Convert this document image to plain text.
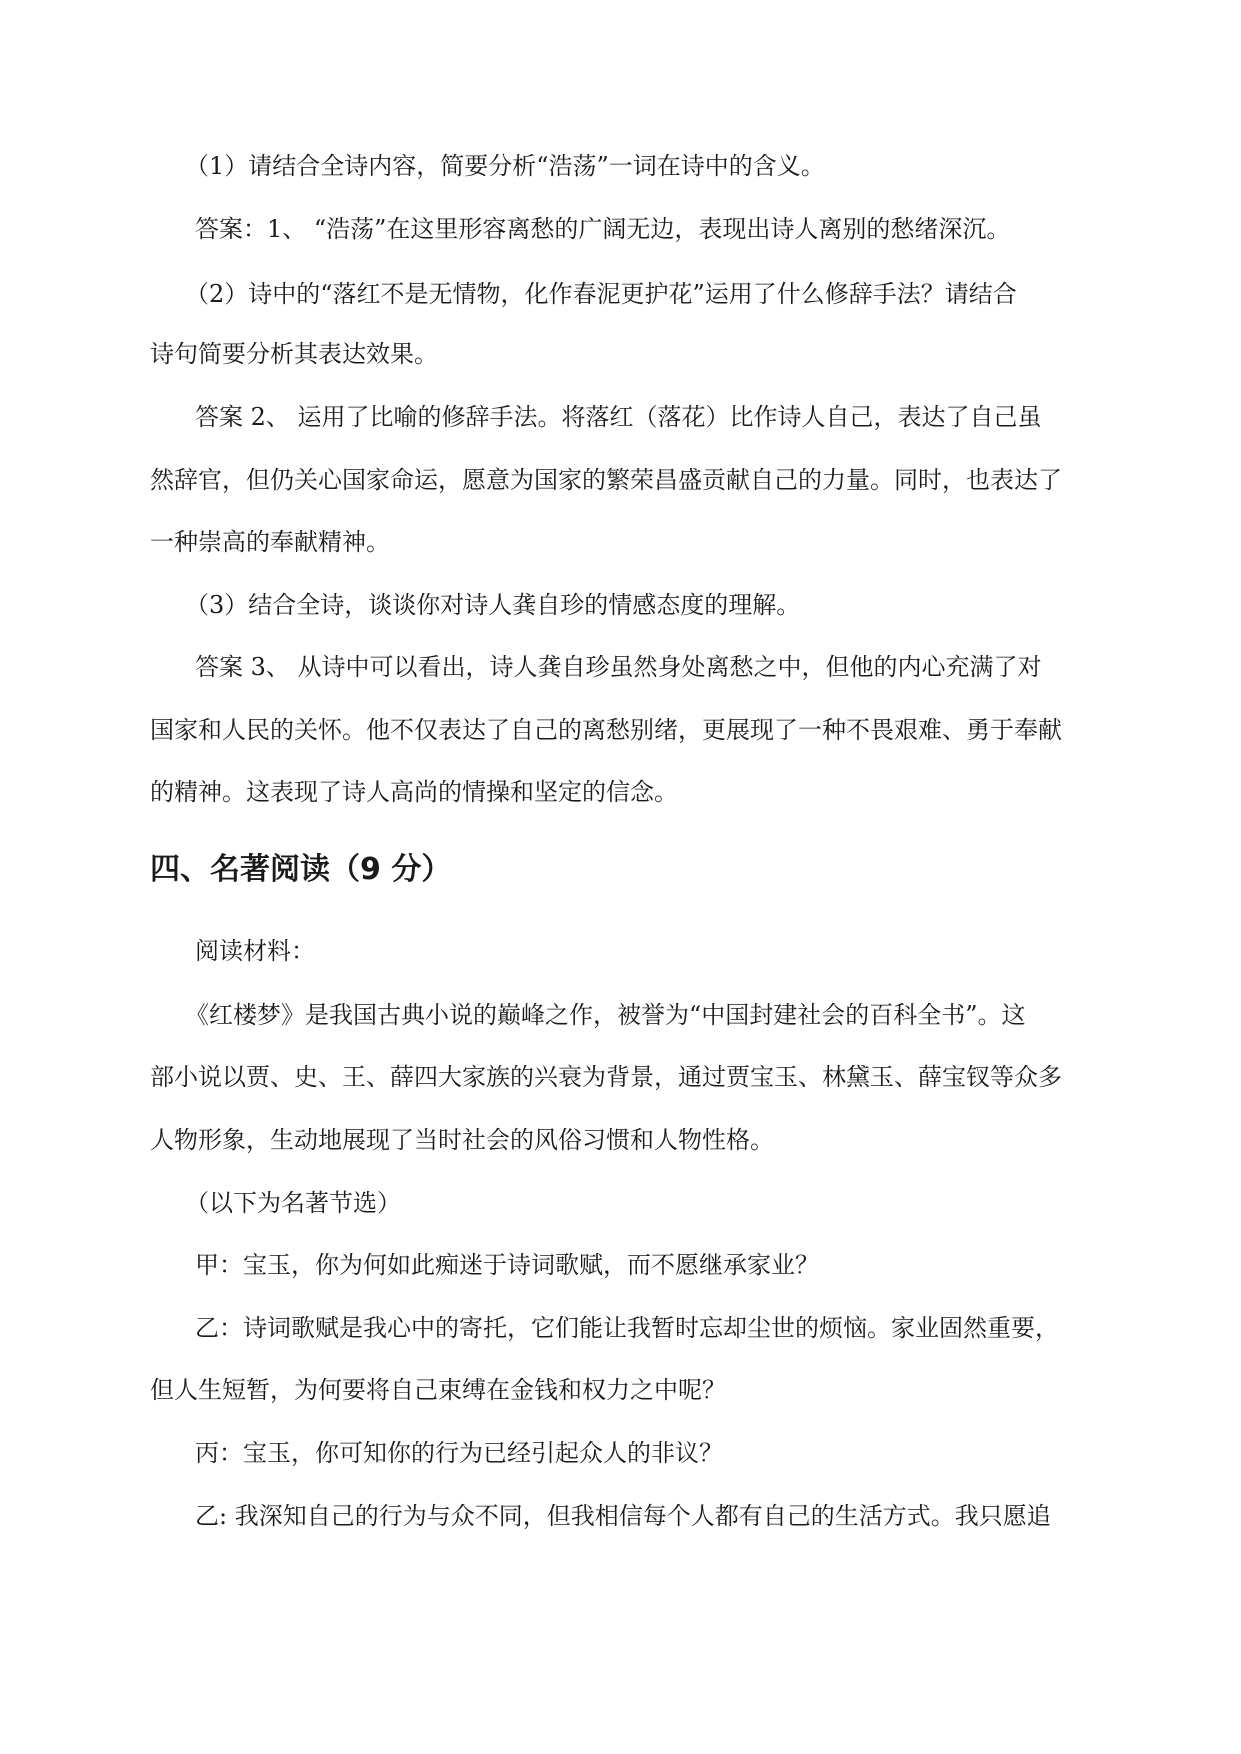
（1）请结合全诗内容，简要分析“浩荡”一词在诗中的含义。
答案：1、 “浩荡”在这里形容离愁的广阔无边，表现出诗人离别的愁绪深沉。
（2）诗中的“落红不是无情物，化作春泥更护花”运用了什么修辞手法？请结合
诗句简要分析其表达效果。
答案 2、 运用了比喻的修辞手法。将落红（落花）比作诗人自己，表达了自己虽
然辞官，但仍关心国家命运，愿意为国家的繁荣昌盛贡献自己的力量。同时，也表达了
一种崇高的奉献精神。
（3）结合全诗，谈谈你对诗人龚自珍的情感态度的理解。
答案 3、 从诗中可以看出，诗人龚自珍虽然身处离愁之中，但他的内心充满了对
国家和人民的关怀。他不仅表达了自己的离愁别绪，更展现了一种不畏艰难、勇于奉献
的精神。这表现了诗人高尚的情操和坚定的信念。
四、名著阅读（9 分）
阅读材料：
《红楼梦》是我国古典小说的巅峰之作，被誉为“中国封建社会的百科全书”。这
部小说以贾、史、王、薛四大家族的兴衰为背景，通过贾宝玉、林黛玉、薛宝钗等众多
人物形象，生动地展现了当时社会的风俗习惯和人物性格。
（以下为名著节选）
甲：宝玉，你为何如此痴迷于诗词歌赋，而不愿继承家业？
乙：诗词歌赋是我心中的寄托，它们能让我暂时忘却尘世的烦恼。家业固然重要，
但人生短暂，为何要将自己束缚在金钱和权力之中呢？
丙：宝玉，你可知你的行为已经引起众人的非议？
乙: 我深知自己的行为与众不同，但我相信每个人都有自己的生活方式。我只愿追
